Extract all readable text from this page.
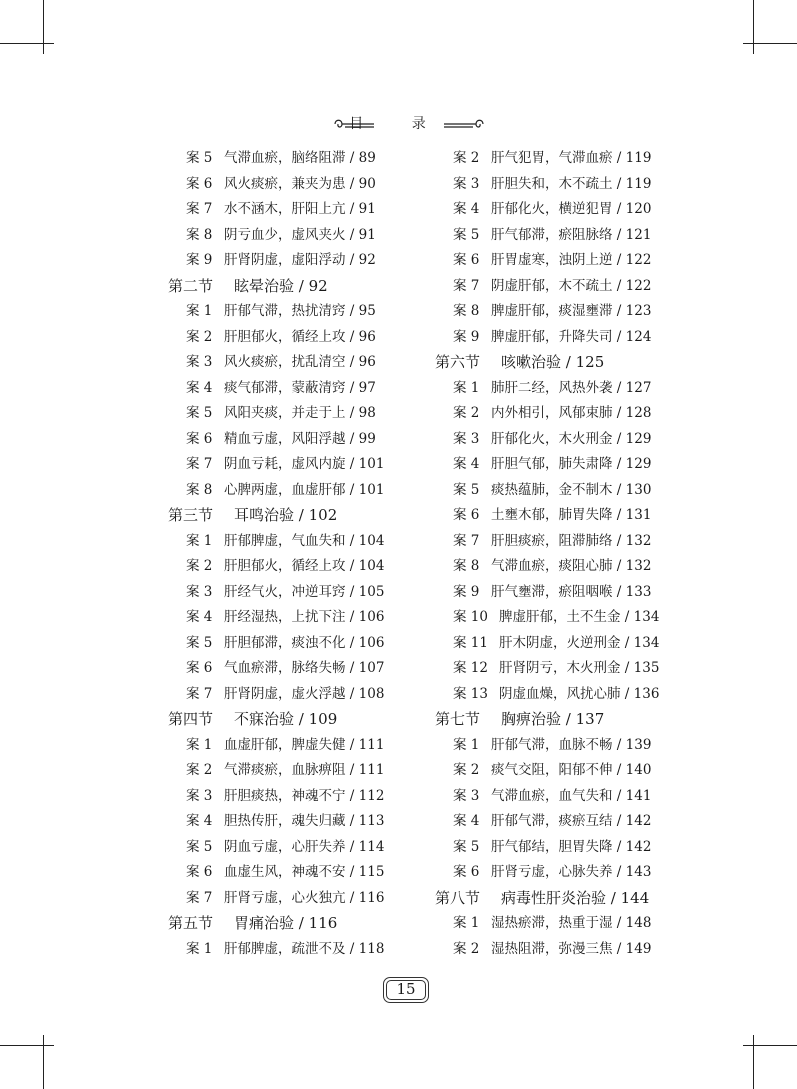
目 录
案 5 气滞血瘀，脑络阻滞 / 89
案 6 风火痰瘀，兼夹为患 / 90
案 7 水不涵木，肝阳上亢 / 91
案 8 阴亏血少，虚风夹火 / 91
案 9 肝肾阴虚，虚阳浮动 / 92
第二节 眩晕治验 / 92
案 1 肝郁气滞，热扰清窍 / 95
案 2 肝胆郁火，循经上攻 / 96
案 3 风火痰瘀，扰乱清空 / 96
案 4 痰气郁滞，蒙蔽清窍 / 97
案 5 风阳夹痰，并走于上 / 98
案 6 精血亏虚，风阳浮越 / 99
案 7 阴血亏耗，虚风内旋 / 101
案 8 心脾两虚，血虚肝郁 / 101
第三节 耳鸣治验 / 102
案 1 肝郁脾虚，气血失和 / 104
案 2 肝胆郁火，循经上攻 / 104
案 3 肝经气火，冲逆耳窍 / 105
案 4 肝经湿热，上扰下注 / 106
案 5 肝胆郁滞，痰浊不化 / 106
案 6 气血瘀滞，脉络失畅 / 107
案 7 肝肾阴虚，虚火浮越 / 108
第四节 不寐治验 / 109
案 1 血虚肝郁，脾虚失健 / 111
案 2 气滞痰瘀，血脉痹阻 / 111
案 3 肝胆痰热，神魂不宁 / 112
案 4 胆热传肝，魂失归藏 / 113
案 5 阴血亏虚，心肝失养 / 114
案 6 血虚生风，神魂不安 / 115
案 7 肝肾亏虚，心火独亢 / 116
第五节 胃痛治验 / 116
案 1 肝郁脾虚，疏泄不及 / 118
案 2 肝气犯胃，气滞血瘀 / 119
案 3 肝胆失和，木不疏土 / 119
案 4 肝郁化火，横逆犯胃 / 120
案 5 肝气郁滞，瘀阻脉络 / 121
案 6 肝胃虚寒，浊阴上逆 / 122
案 7 阴虚肝郁，木不疏土 / 122
案 8 脾虚肝郁，痰湿壅滞 / 123
案 9 脾虚肝郁，升降失司 / 124
第六节 咳嗽治验 / 125
案 1 肺肝二经，风热外袭 / 127
案 2 内外相引，风郁束肺 / 128
案 3 肝郁化火，木火刑金 / 129
案 4 肝胆气郁，肺失肃降 / 129
案 5 痰热蕴肺，金不制木 / 130
案 6 土壅木郁，肺胃失降 / 131
案 7 肝胆痰瘀，阻滞肺络 / 132
案 8 气滞血瘀，痰阻心肺 / 132
案 9 肝气壅滞，瘀阻咽喉 / 133
案 10 脾虚肝郁，土不生金 / 134
案 11 肝木阴虚，火逆刑金 / 134
案 12 肝肾阴亏，木火刑金 / 135
案 13 阴虚血燥，风扰心肺 / 136
第七节 胸痹治验 / 137
案 1 肝郁气滞，血脉不畅 / 139
案 2 痰气交阻，阳郁不伸 / 140
案 3 气滞血瘀，血气失和 / 141
案 4 肝郁气滞，痰瘀互结 / 142
案 5 肝气郁结，胆胃失降 / 142
案 6 肝肾亏虚，心脉失养 / 143
第八节 病毒性肝炎治验 / 144
案 1 湿热瘀滞，热重于湿 / 148
案 2 湿热阻滞，弥漫三焦 / 149
15
